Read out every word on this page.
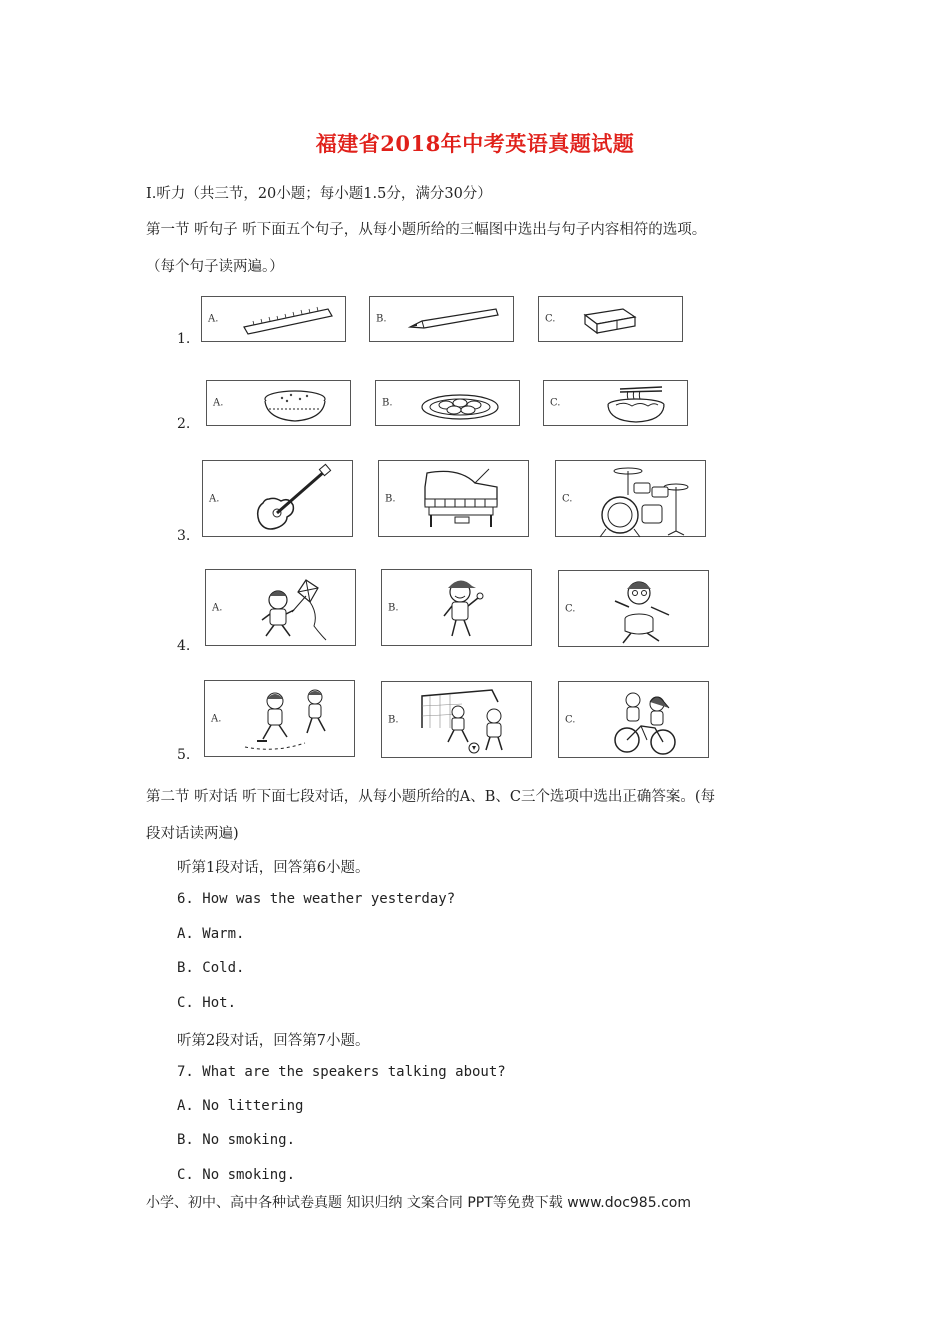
福建省2018年中考英语真题试题
Ⅰ.听力（共三节，20小题；每小题1.5分，满分30分）
第一节 听句子 听下面五个句子，从每小题所给的三幅图中选出与句子内容相符的选项。
（每个句子读两遍。）
1.
A.	B.	C.
2.
A.	B.	C.
3.
A.	B.	C.
4.
A.	B.	C.
5.
A.	B.	C.
第二节 听对话 听下面七段对话，从每小题所给的A、B、C三个选项中选出正确答案。(每
段对话读两遍)
听第1段对话，回答第6小题。
6. How was the weather yesterday?
A. Warm.
B. Cold.
C. Hot.
听第2段对话，回答第7小题。
7. What are the speakers talking about?
A. No littering
B. No smoking.
C. No smoking.
小学、初中、高中各种试卷真题 知识归纳 文案合同 PPT等免费下载 www.doc985.com
